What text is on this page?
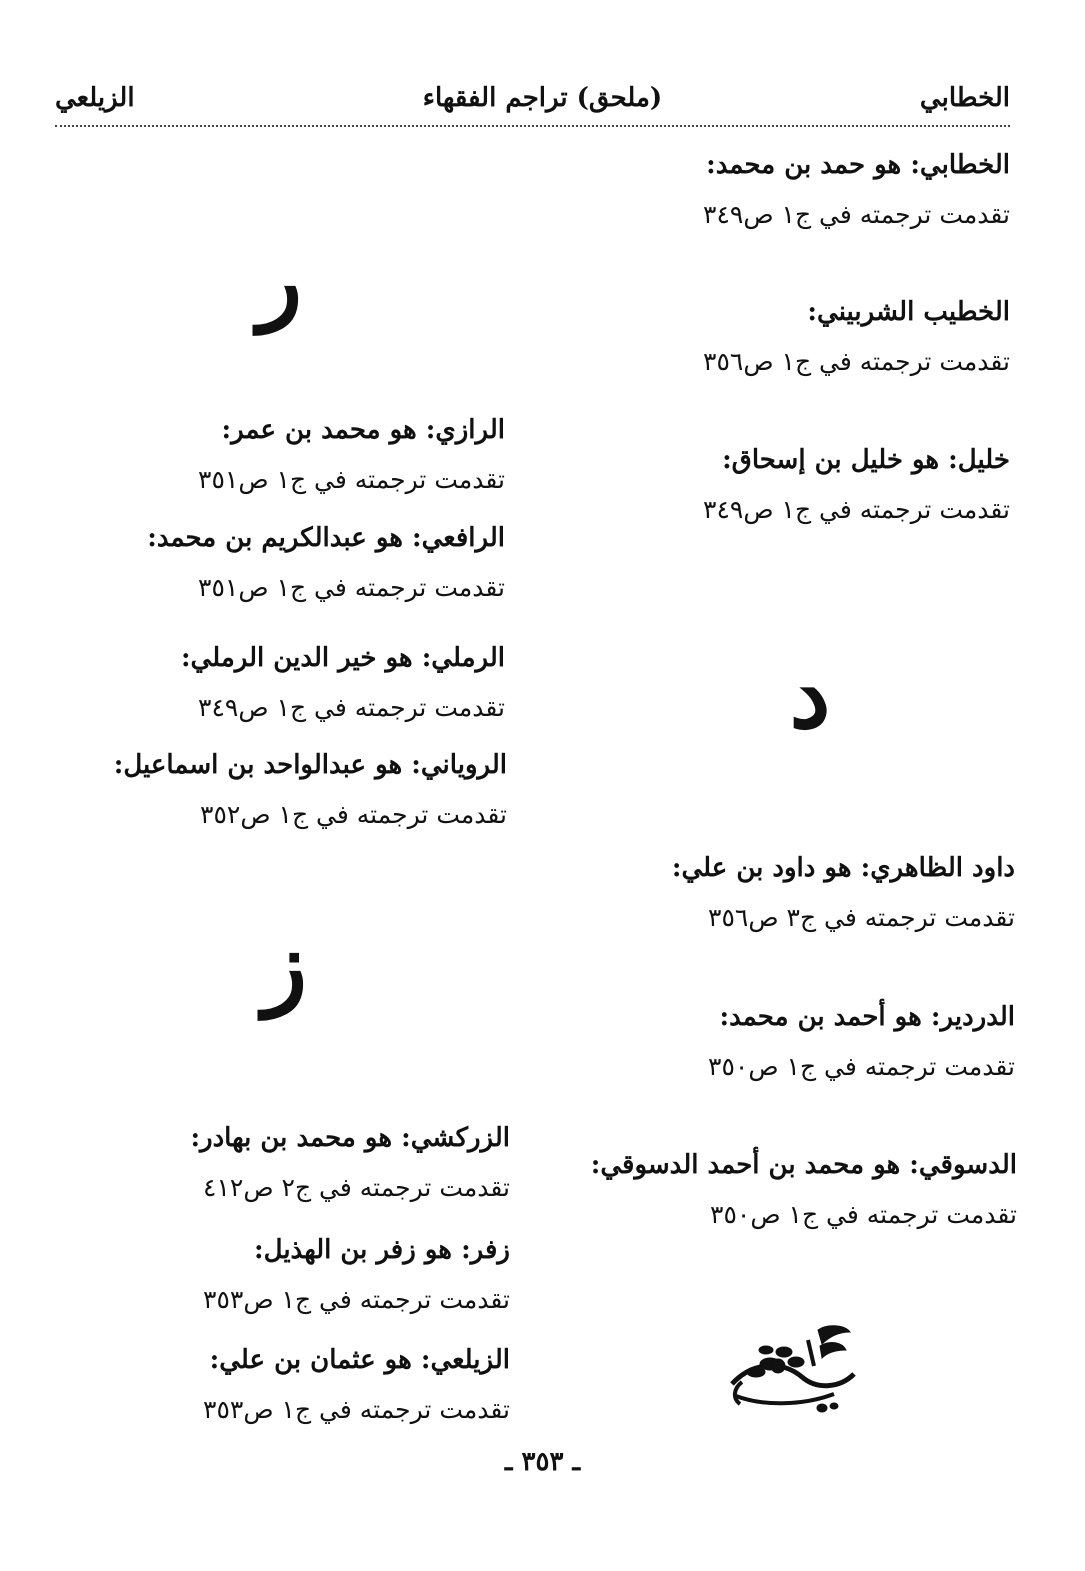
الخطابي
(ملحق) تراجم الفقهاء
الزيلعي
الخطابي: هو حمد بن محمد:
تقدمت ترجمته في ج١ ص٣٤٩
الخطيب الشربيني:
تقدمت ترجمته في ج١ ص٣٥٦
خليل: هو خليل بن إسحاق:
تقدمت ترجمته في ج١ ص٣٤٩
د
داود الظاهري: هو داود بن علي:
تقدمت ترجمته في ج٣ ص٣٥٦
الدردير: هو أحمد بن محمد:
تقدمت ترجمته في ج١ ص٣٥٠
الدسوقي: هو محمد بن أحمد الدسوقي:
تقدمت ترجمته في ج١ ص٣٥٠
ر
الرازي: هو محمد بن عمر:
تقدمت ترجمته في ج١ ص٣٥١
الرافعي: هو عبدالكريم بن محمد:
تقدمت ترجمته في ج١ ص٣٥١
الرملي: هو خير الدين الرملي:
تقدمت ترجمته في ج١ ص٣٤٩
الروياني: هو عبدالواحد بن اسماعيل:
تقدمت ترجمته في ج١ ص٣٥٢
ز
الزركشي: هو محمد بن بهادر:
تقدمت ترجمته في ج٢ ص٤١٢
زفر: هو زفر بن الهذيل:
تقدمت ترجمته في ج١ ص٣٥٣
الزيلعي: هو عثمان بن علي:
تقدمت ترجمته في ج١ ص٣٥٣
ـ ٣٥٣ ـ
